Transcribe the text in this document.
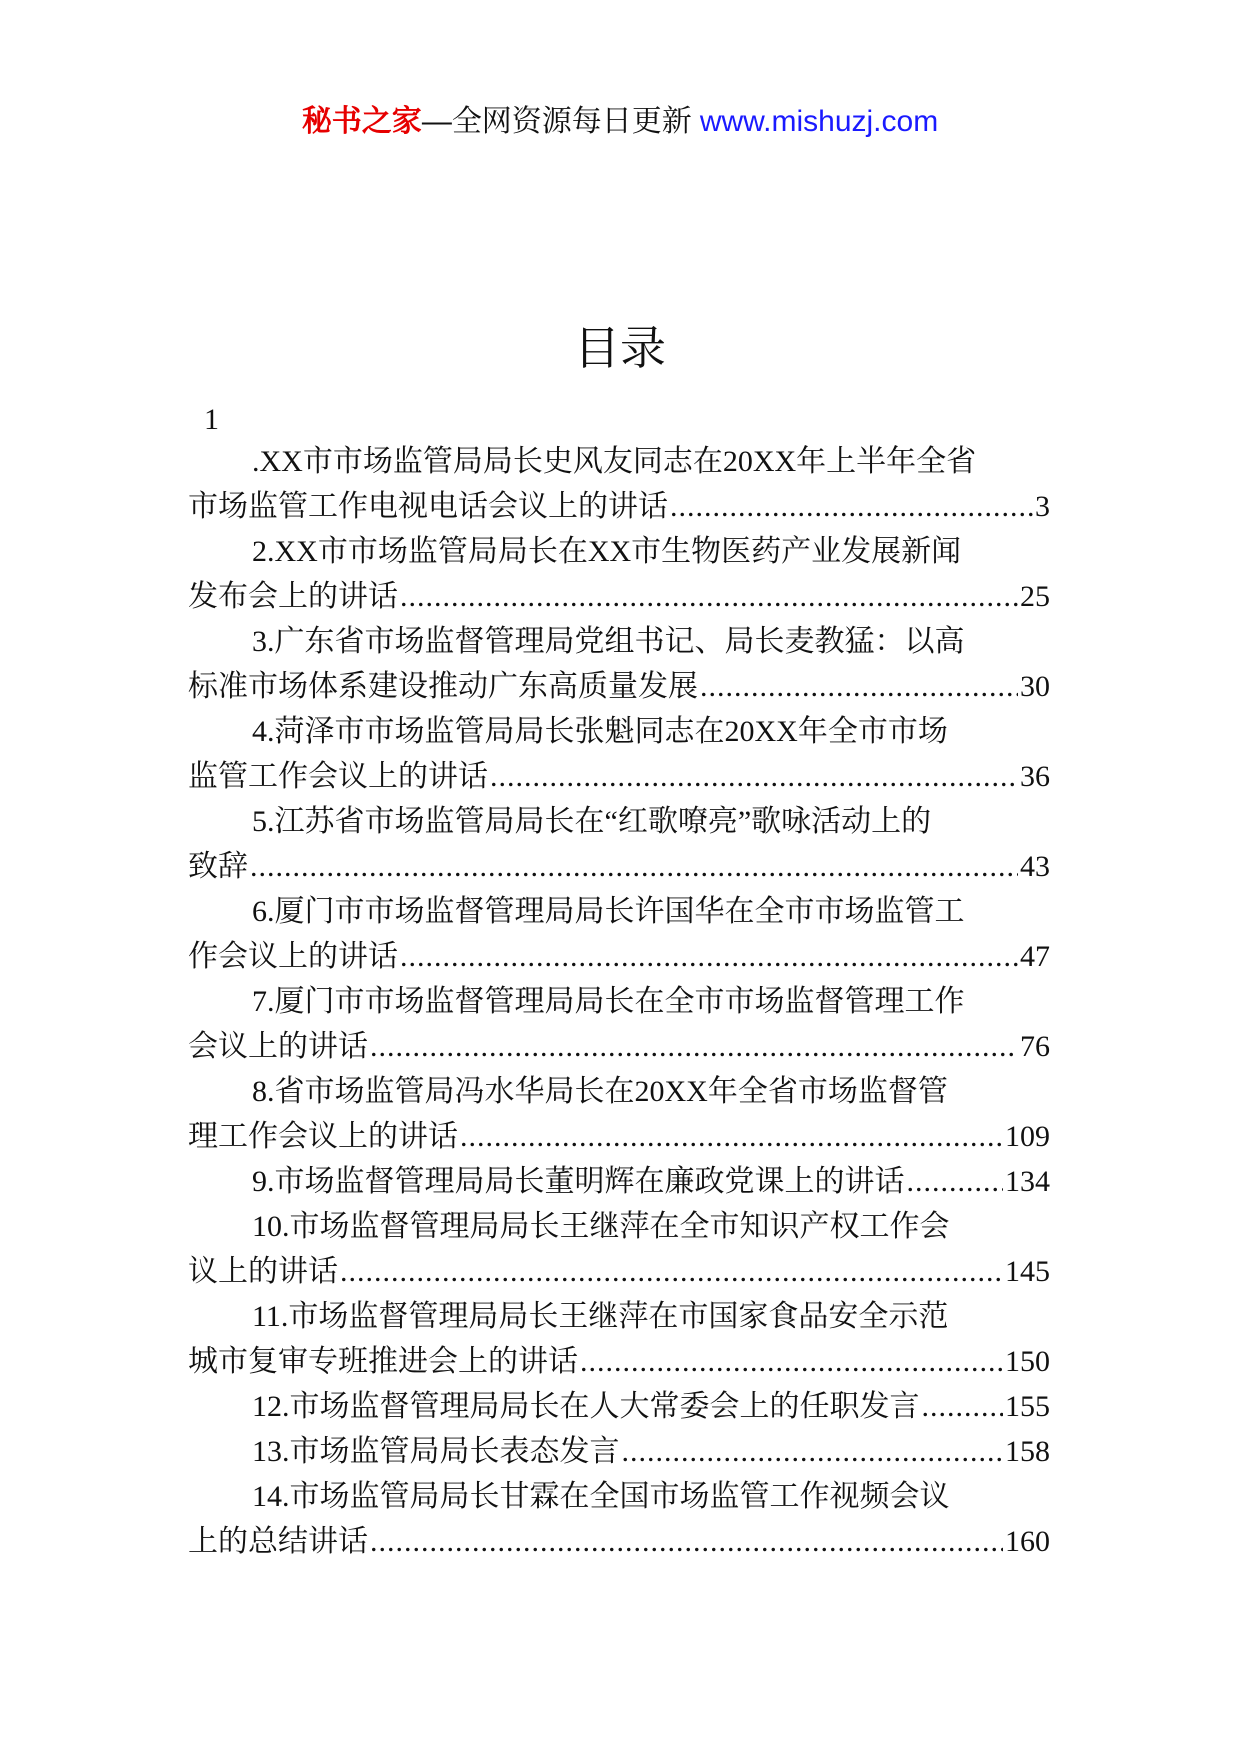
秘书之家—全网资源每日更新 www.mishuzj.com
目录
1
.XX市市场监管局局长史风友同志在20XX年上半年全省
市场监管工作电视电话会议上的讲话 .....	3
2.XX市市场监管局局长在XX市生物医药产业发展新闻
发布会上的讲话 .....	25
3.广东省市场监督管理局党组书记、局长麦教猛：以高
标准市场体系建设推动广东高质量发展 .....	30
4.菏泽市市场监管局局长张魁同志在20XX年全市市场
监管工作会议上的讲话 .....	36
5.江苏省市场监管局局长在“红歌嘹亮”歌咏活动上的
致辞 .....	43
6.厦门市市场监督管理局局长许国华在全市市场监管工
作会议上的讲话 .....	47
7.厦门市市场监督管理局局长在全市市场监督管理工作
会议上的讲话 .....	76
8.省市场监管局冯水华局长在20XX年全省市场监督管
理工作会议上的讲话 .....	109
9.市场监督管理局局长董明辉在廉政党课上的讲话 .....	134
10.市场监督管理局局长王继萍在全市知识产权工作会
议上的讲话 .....	145
11.市场监督管理局局长王继萍在市国家食品安全示范
城市复审专班推进会上的讲话 .....	150
12.市场监督管理局局长在人大常委会上的任职发言 .....	155
13.市场监管局局长表态发言 .....	158
14.市场监管局局长甘霖在全国市场监管工作视频会议
上的总结讲话 .....	160
